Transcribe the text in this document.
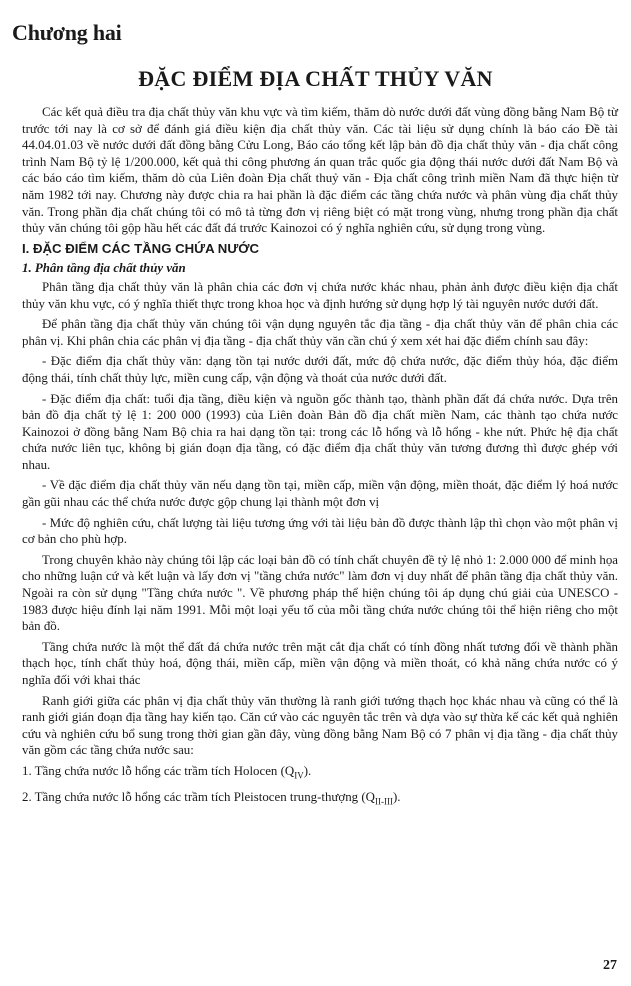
Chương hai
ĐẶC ĐIỂM ĐỊA CHẤT THỦY VĂN

Các kết quả điều tra địa chất thủy văn khu vực và tìm kiếm, thăm dò nước dưới đất vùng đồng bằng Nam Bộ từ trước tới nay là cơ sở để đánh giá điều kiện địa chất thủy văn. Các tài liệu sử dụng chính là báo cáo Đề tài 44.04.01.03 về nước dưới đất đồng bằng Cửu Long, Báo cáo tổng kết lập bản đồ địa chất thủy văn - địa chất công trình Nam Bộ tỷ lệ 1/200.000, kết quả thi công phương án quan trắc quốc gia động thái nước dưới đất Nam Bộ và các báo cáo tìm kiếm, thăm dò của Liên đoàn Địa chất thuỷ văn - Địa chất công trình miền Nam đã thực hiện từ năm 1982 tới nay. Chương này được chia ra hai phần là đặc điểm các tầng chứa nước và phân vùng địa chất thủy văn. Trong phần địa chất chúng tôi có mô tả từng đơn vị riêng biệt có mặt trong vùng, nhưng trong phần địa chất thủy văn chúng tôi gộp hầu hết các đất đá trước Kainozoi có ý nghĩa nghiên cứu, sử dụng trong vùng.

I. ĐẶC ĐIỂM CÁC TẦNG CHỨA NƯỚC
1. Phân tầng địa chất thủy văn

Phân tầng địa chất thủy văn là phân chia các đơn vị chứa nước khác nhau, phản ảnh được điều kiện địa chất thủy văn khu vực, có ý nghĩa thiết thực trong khoa học và định hướng sử dụng hợp lý tài nguyên nước dưới đất.

Để phân tầng địa chất thủy văn chúng tôi vận dụng nguyên tắc địa tầng - địa chất thủy văn để phân chia các phân vị. Khi phân chia các phân vị địa tầng - địa chất thủy văn cần chú ý xem xét hai đặc điểm chính sau đây:

- Đặc điểm địa chất thủy văn: dạng tồn tại nước dưới đất, mức độ chứa nước, đặc điểm thủy hóa, đặc điểm động thái, tính chất thủy lực, miền cung cấp, vận động và thoát của nước dưới đất.

- Đặc điểm địa chất: tuổi địa tầng, điều kiện và nguồn gốc thành tạo, thành phần đất đá chứa nước. Dựa trên bản đồ địa chất tỷ lệ 1: 200 000 (1993) của Liên đoàn Bản đồ địa chất miền Nam, các thành tạo chứa nước Kainozoi ở đồng bằng Nam Bộ chia ra hai dạng tồn tại: trong các lỗ hổng và lỗ hổng - khe nứt. Phức hệ địa chất chứa nước liên tục, không bị gián đoạn địa tầng, có đặc điểm địa chất thủy văn tương đương thì được ghép với nhau.

- Về đặc điểm địa chất thủy văn nếu dạng tồn tại, miền cấp, miền vận động, miền thoát, đặc điểm lý hoá nước gần gũi nhau các thể chứa nước được gộp chung lại thành một đơn vị

- Mức độ nghiên cứu, chất lượng tài liệu tương ứng với tài liệu bản đồ được thành lập thì chọn vào một phân vị cơ bản cho phù hợp.

Trong chuyên khảo này chúng tôi lập các loại bản đồ có tính chất chuyên đề tỷ lệ nhỏ 1: 2.000 000 để minh họa cho những luận cứ và kết luận và lấy đơn vị "tầng chứa nước" làm đơn vị duy nhất để phân tầng địa chất thủy văn. Ngoài ra còn sử dụng "Tầng chứa nước ". Về phương pháp thể hiện chúng tôi áp dụng chú giải của UNESCO - 1983 được hiệu đính lại năm 1991. Mỗi một loại yếu tố của mỗi tầng chứa nước chúng tôi thể hiện riêng cho một bản đồ.

Tầng chứa nước là một thể đất đá chứa nước trên mặt cắt địa chất có tính đồng nhất tương đối về thành phần thạch học, tính chất thủy hoá, động thái, miền cấp, miền vận động và miền thoát, có khả năng chứa nước có ý nghĩa đối với khai thác

Ranh giới giữa các phân vị địa chất thủy văn thường là ranh giới tướng thạch học khác nhau và cũng có thể là ranh giới gián đoạn địa tầng hay kiến tạo. Căn cứ vào các nguyên tắc trên và dựa vào sự thừa kế các kết quả nghiên cứu và nghiên cứu bổ sung trong thời gian gần đây, vùng đồng bằng Nam Bộ có 7 phân vị địa tầng - địa chất thủy văn gồm các tầng chứa nước sau:

1. Tầng chứa nước lỗ hổng các trầm tích Holocen $(Q_{IV})$.
2. Tầng chứa nước lỗ hổng các trầm tích Pleistocen trung-thượng $(Q_{II-III})$.
27
